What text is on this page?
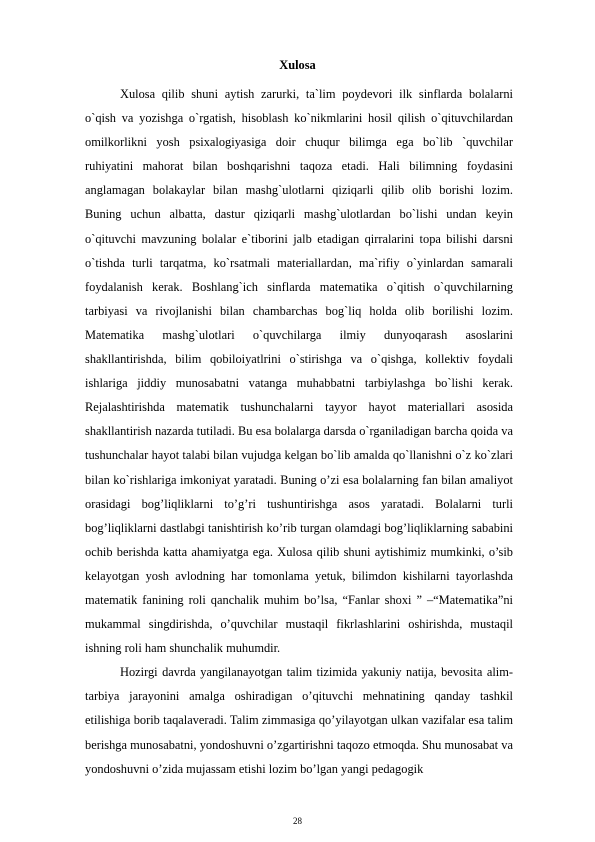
Xulosa

Xulosa qilib shuni aytish zarurki, ta`lim poydevori ilk sinflarda bolalarni o`qish va yozishga o`rgatish, hisoblash ko`nikmlarini hosil qilish o`qituvchilardan omilkorlikni yosh psixalogiyasiga doir chuqur bilimga ega bo`lib `quvchilar ruhiyatini mahorat bilan boshqarishni taqoza etadi. Hali bilimning foydasini anglamagan bolakaylar bilan mashg`ulotlarni qiziqarli qilib olib borishi lozim. Buning uchun albatta, dastur qiziqarli mashg`ulotlardan bo`lishi undan keyin o`qituvchi mavzuning bolalar e`tiborini jalb etadigan qirralarini topa bilishi darsni o`tishda turli tarqatma, ko`rsatmali materiallardan, ma`rifiy o`yinlardan samarali foydalanish kerak. Boshlang`ich sinflarda matematika o`qitish o`quvchilarning tarbiyasi va rivojlanishi bilan chambarchas bog`liq holda olib borilishi lozim. Matematika mashg`ulotlari o`quvchilarga ilmiy dunyoqarash asoslarini shakllantirishda, bilim qobiloiyatlrini o`stirishga va o`qishga, kollektiv foydali ishlariga jiddiy munosabatni vatanga muhabbatni tarbiylashga bo`lishi kerak. Rejalashtirishda matematik tushunchalarni tayyor hayot materiallari asosida shakllantirish nazarda tutiladi. Bu esa bolalarga darsda o`rganiladigan barcha qoida va tushunchalar hayot talabi bilan vujudga kelgan bo`lib amalda qo`llanishni o`z ko`zlari bilan ko`rishlariga imkoniyat yaratadi. Buning o’zi esa bolalarning fan bilan amaliyot orasidagi bog’liqliklarni to’g’ri tushuntirishga asos yaratadi. Bolalarni turli bog’liqliklarni dastlabgi tanishtirish ko’rib turgan olamdagi bog’liqliklarning sababini ochib berishda katta ahamiyatga ega. Xulosa qilib shuni aytishimiz mumkinki, o’sib kelayotgan yosh avlodning har tomonlama yetuk, bilimdon kishilarni tayorlashda matematik fanining roli qanchalik muhim bo’lsa, “Fanlar shoxi ” –“Matematika”ni mukammal singdirishda, o’quvchilar mustaqil fikrlashlarini oshirishda, mustaqil ishning roli ham shunchalik muhumdir.

Hozirgi davrda yangilanayotgan talim tizimida yakuniy natija, bevosita alim-tarbiya jarayonini amalga oshiradigan o’qituvchi mehnatining qanday tashkil etilishiga borib taqalaveradi. Talim zimmasiga qo’yilayotgan ulkan vazifalar esa talim berishga munosabatni, yondoshuvni o’zgartirishni taqozo etmoqda. Shu munosabat va yondoshuvni o’zida mujassam etishi lozim bo’lgan yangi pedagogik

28
